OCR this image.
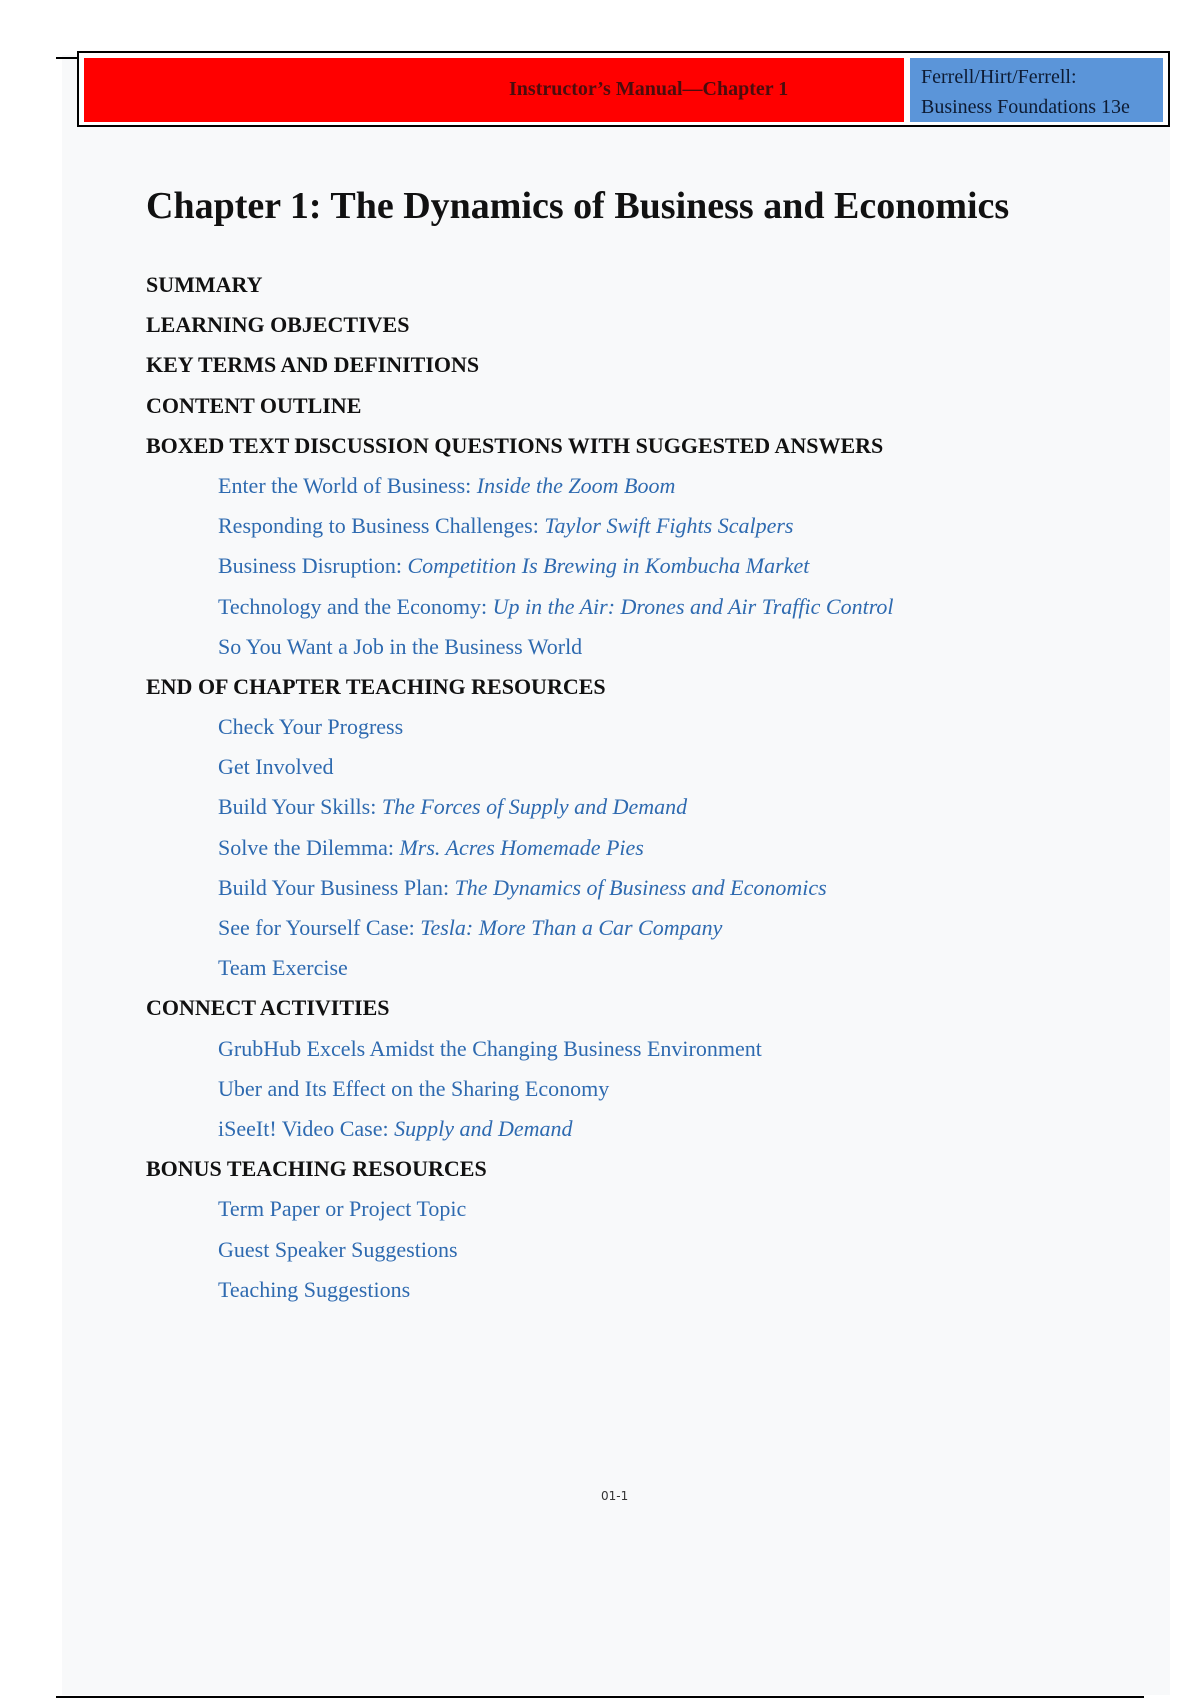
Instructor’s Manual—Chapter 1
Ferrell/Hirt/Ferrell:
Business Foundations 13e
Chapter 1: The Dynamics of Business and Economics
SUMMARY
LEARNING OBJECTIVES
KEY TERMS AND DEFINITIONS
CONTENT OUTLINE
BOXED TEXT DISCUSSION QUESTIONS WITH SUGGESTED ANSWERS
Enter the World of Business: Inside the Zoom Boom
Responding to Business Challenges: Taylor Swift Fights Scalpers
Business Disruption: Competition Is Brewing in Kombucha Market
Technology and the Economy: Up in the Air: Drones and Air Traffic Control
So You Want a Job in the Business World
END OF CHAPTER TEACHING RESOURCES
Check Your Progress
Get Involved
Build Your Skills: The Forces of Supply and Demand
Solve the Dilemma: Mrs. Acres Homemade Pies
Build Your Business Plan: The Dynamics of Business and Economics
See for Yourself Case: Tesla: More Than a Car Company
Team Exercise
CONNECT ACTIVITIES
GrubHub Excels Amidst the Changing Business Environment
Uber and Its Effect on the Sharing Economy
iSeeIt! Video Case: Supply and Demand
BONUS TEACHING RESOURCES
Term Paper or Project Topic
Guest Speaker Suggestions
Teaching Suggestions
01-1
